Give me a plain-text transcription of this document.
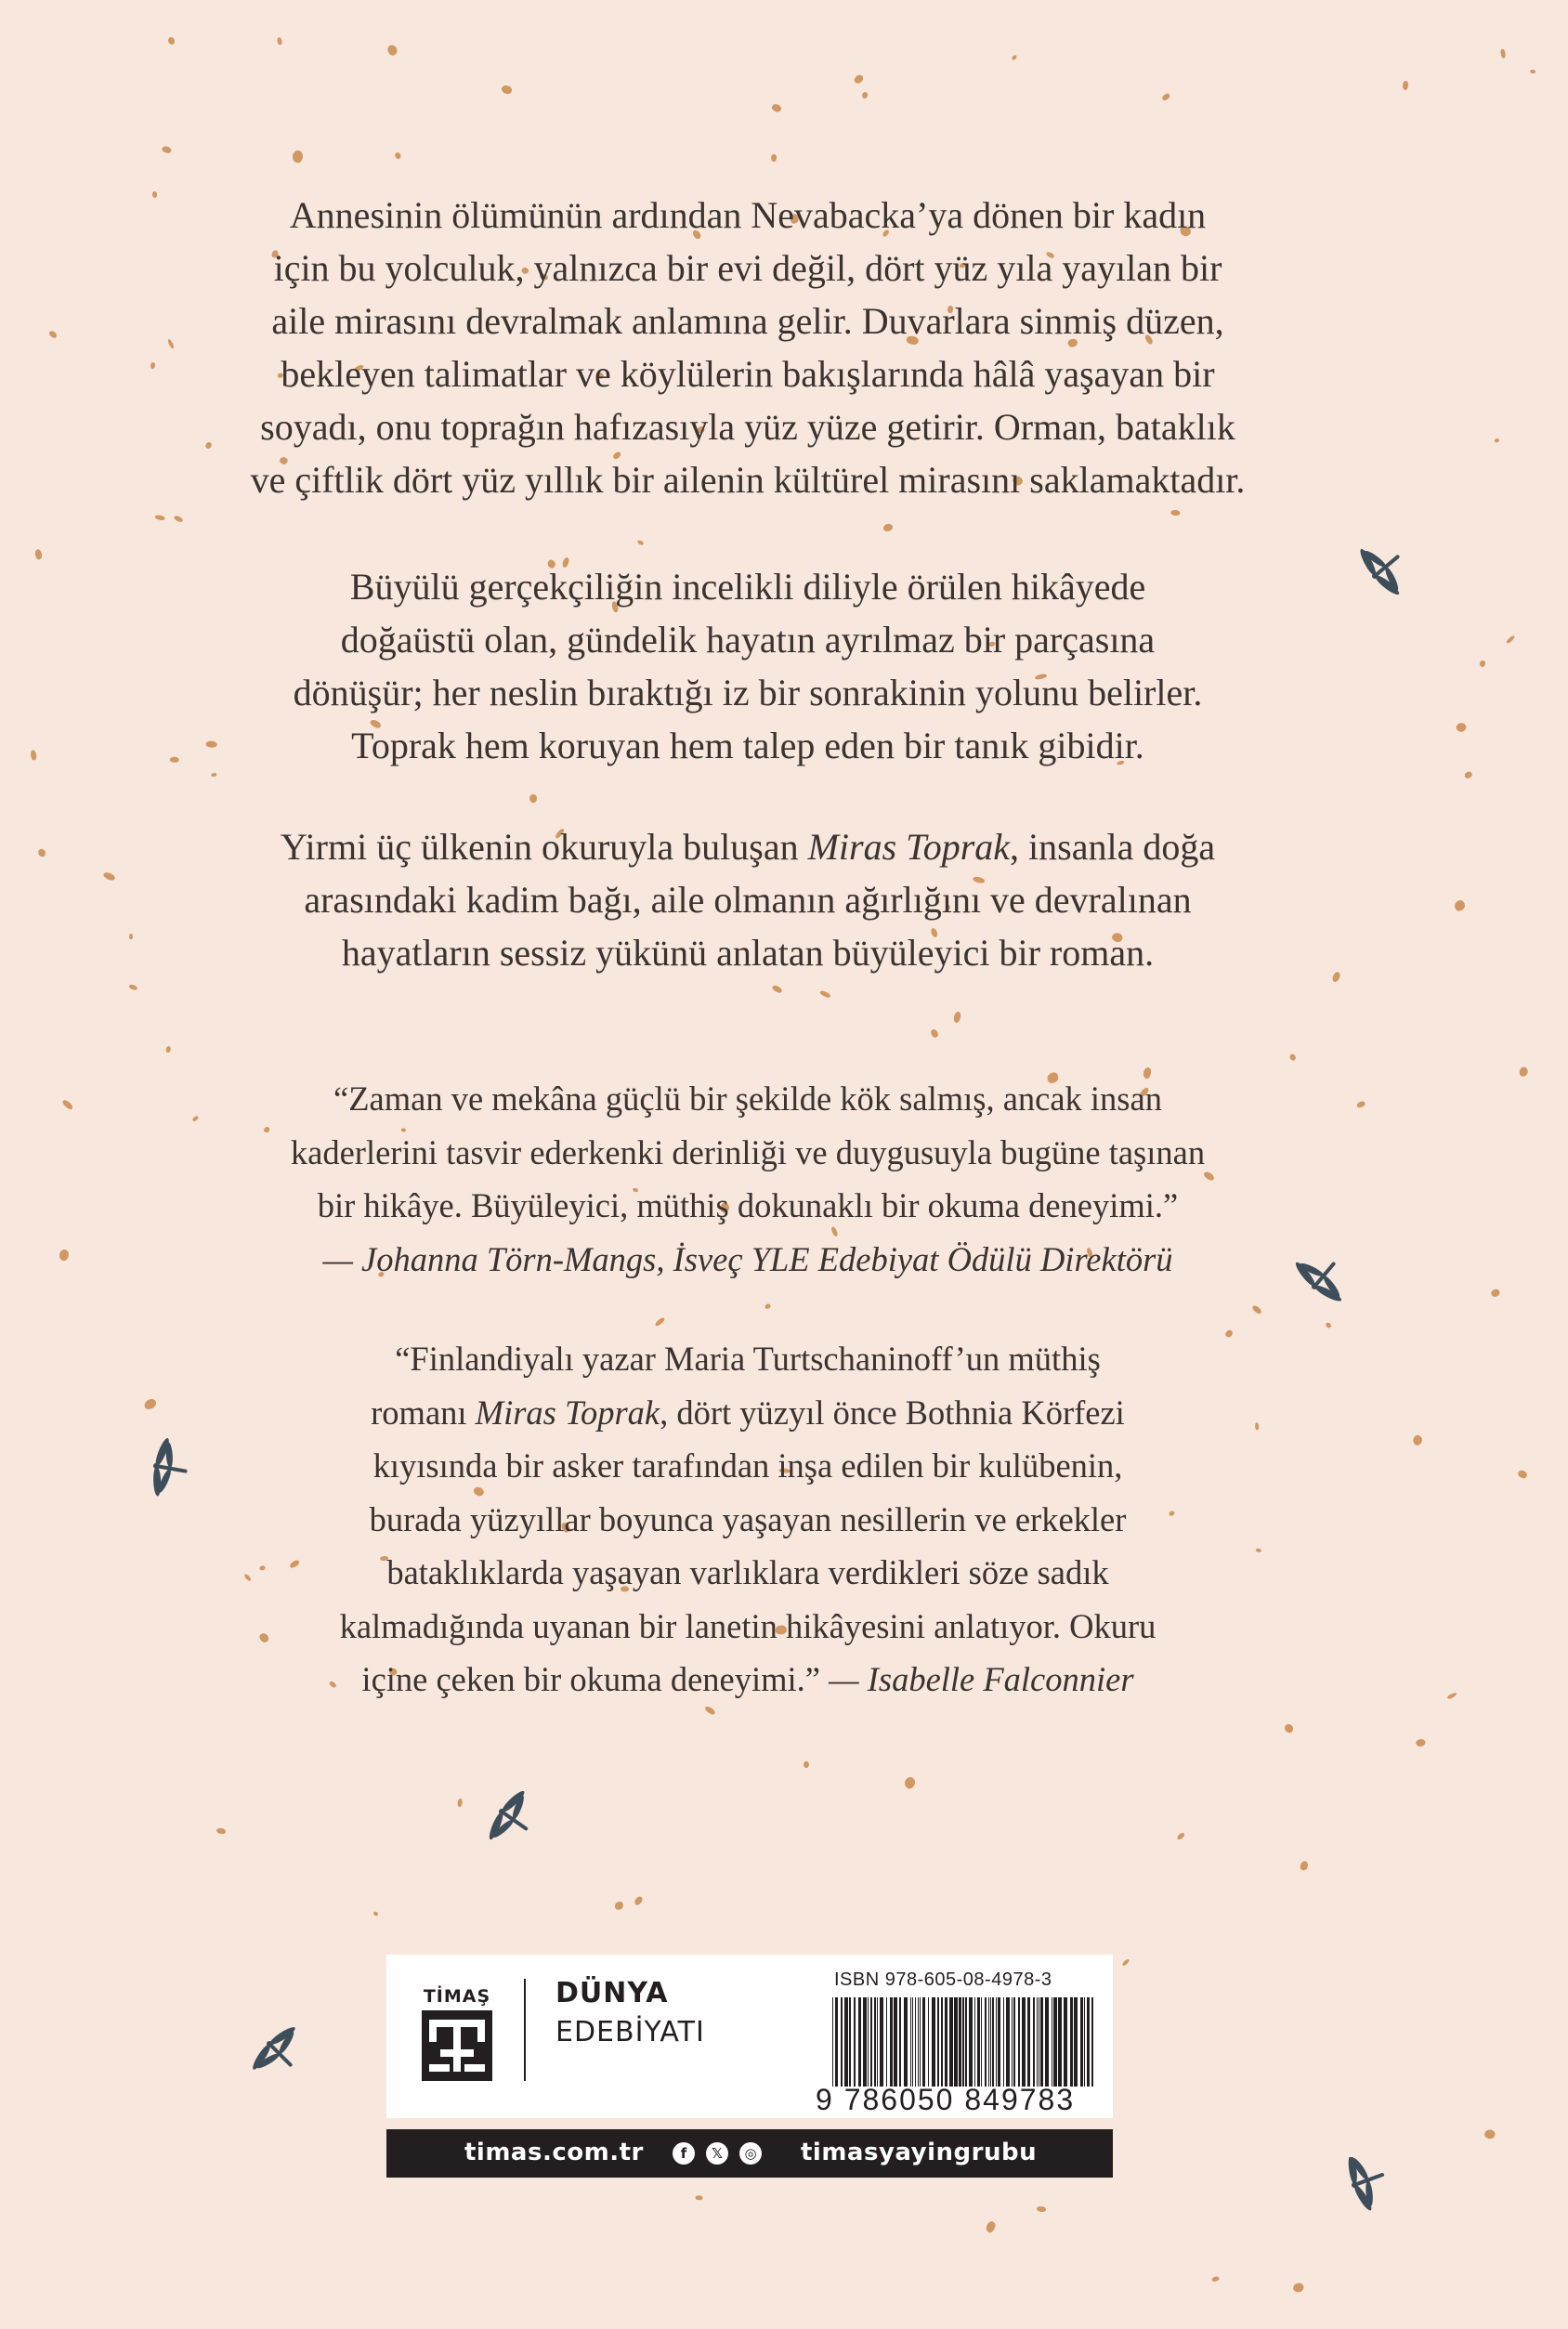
Annesinin ölümünün ardından Nevabacka’ya dönen bir kadın
için bu yolculuk, yalnızca bir evi değil, dört yüz yıla yayılan bir
aile mirasını devralmak anlamına gelir. Duvarlara sinmiş düzen,
bekleyen talimatlar ve köylülerin bakışlarında hâlâ yaşayan bir
soyadı, onu toprağın hafızasıyla yüz yüze getirir. Orman, bataklık
ve çiftlik dört yüz yıllık bir ailenin kültürel mirasını saklamaktadır.

Büyülü gerçekçiliğin incelikli diliyle örülen hikâyede
doğaüstü olan, gündelik hayatın ayrılmaz bir parçasına
dönüşür; her neslin bıraktığı iz bir sonrakinin yolunu belirler.
Toprak hem koruyan hem talep eden bir tanık gibidir.

Yirmi üç ülkenin okuruyla buluşan Miras Toprak, insanla doğa
arasındaki kadim bağı, aile olmanın ağırlığını ve devralınan
hayatların sessiz yükünü anlatan büyüleyici bir roman.

“Zaman ve mekâna güçlü bir şekilde kök salmış, ancak insan
kaderlerini tasvir ederkenki derinliği ve duygusuyla bugüne taşınan
bir hikâye. Büyüleyici, müthiş dokunaklı bir okuma deneyimi.”
— Johanna Törn-Mangs, İsveç YLE Edebiyat Ödülü Direktörü

“Finlandiyalı yazar Maria Turtschaninoff’un müthiş
romanı Miras Toprak, dört yüzyıl önce Bothnia Körfezi
kıyısında bir asker tarafından inşa edilen bir kulübenin,
burada yüzyıllar boyunca yaşayan nesillerin ve erkekler
bataklıklarda yaşayan varlıklara verdikleri söze sadık
kalmadığında uyanan bir lanetin hikâyesini anlatıyor. Okuru
içine çeken bir okuma deneyimi.” — Isabelle Falconnier

TİMAŞ DÜNYA
EDEBİYATI
ISBN 978-605-08-4978-3
9 786050 849783
timas.com.tr	f	𝕏	◎ timasyayingrubu
